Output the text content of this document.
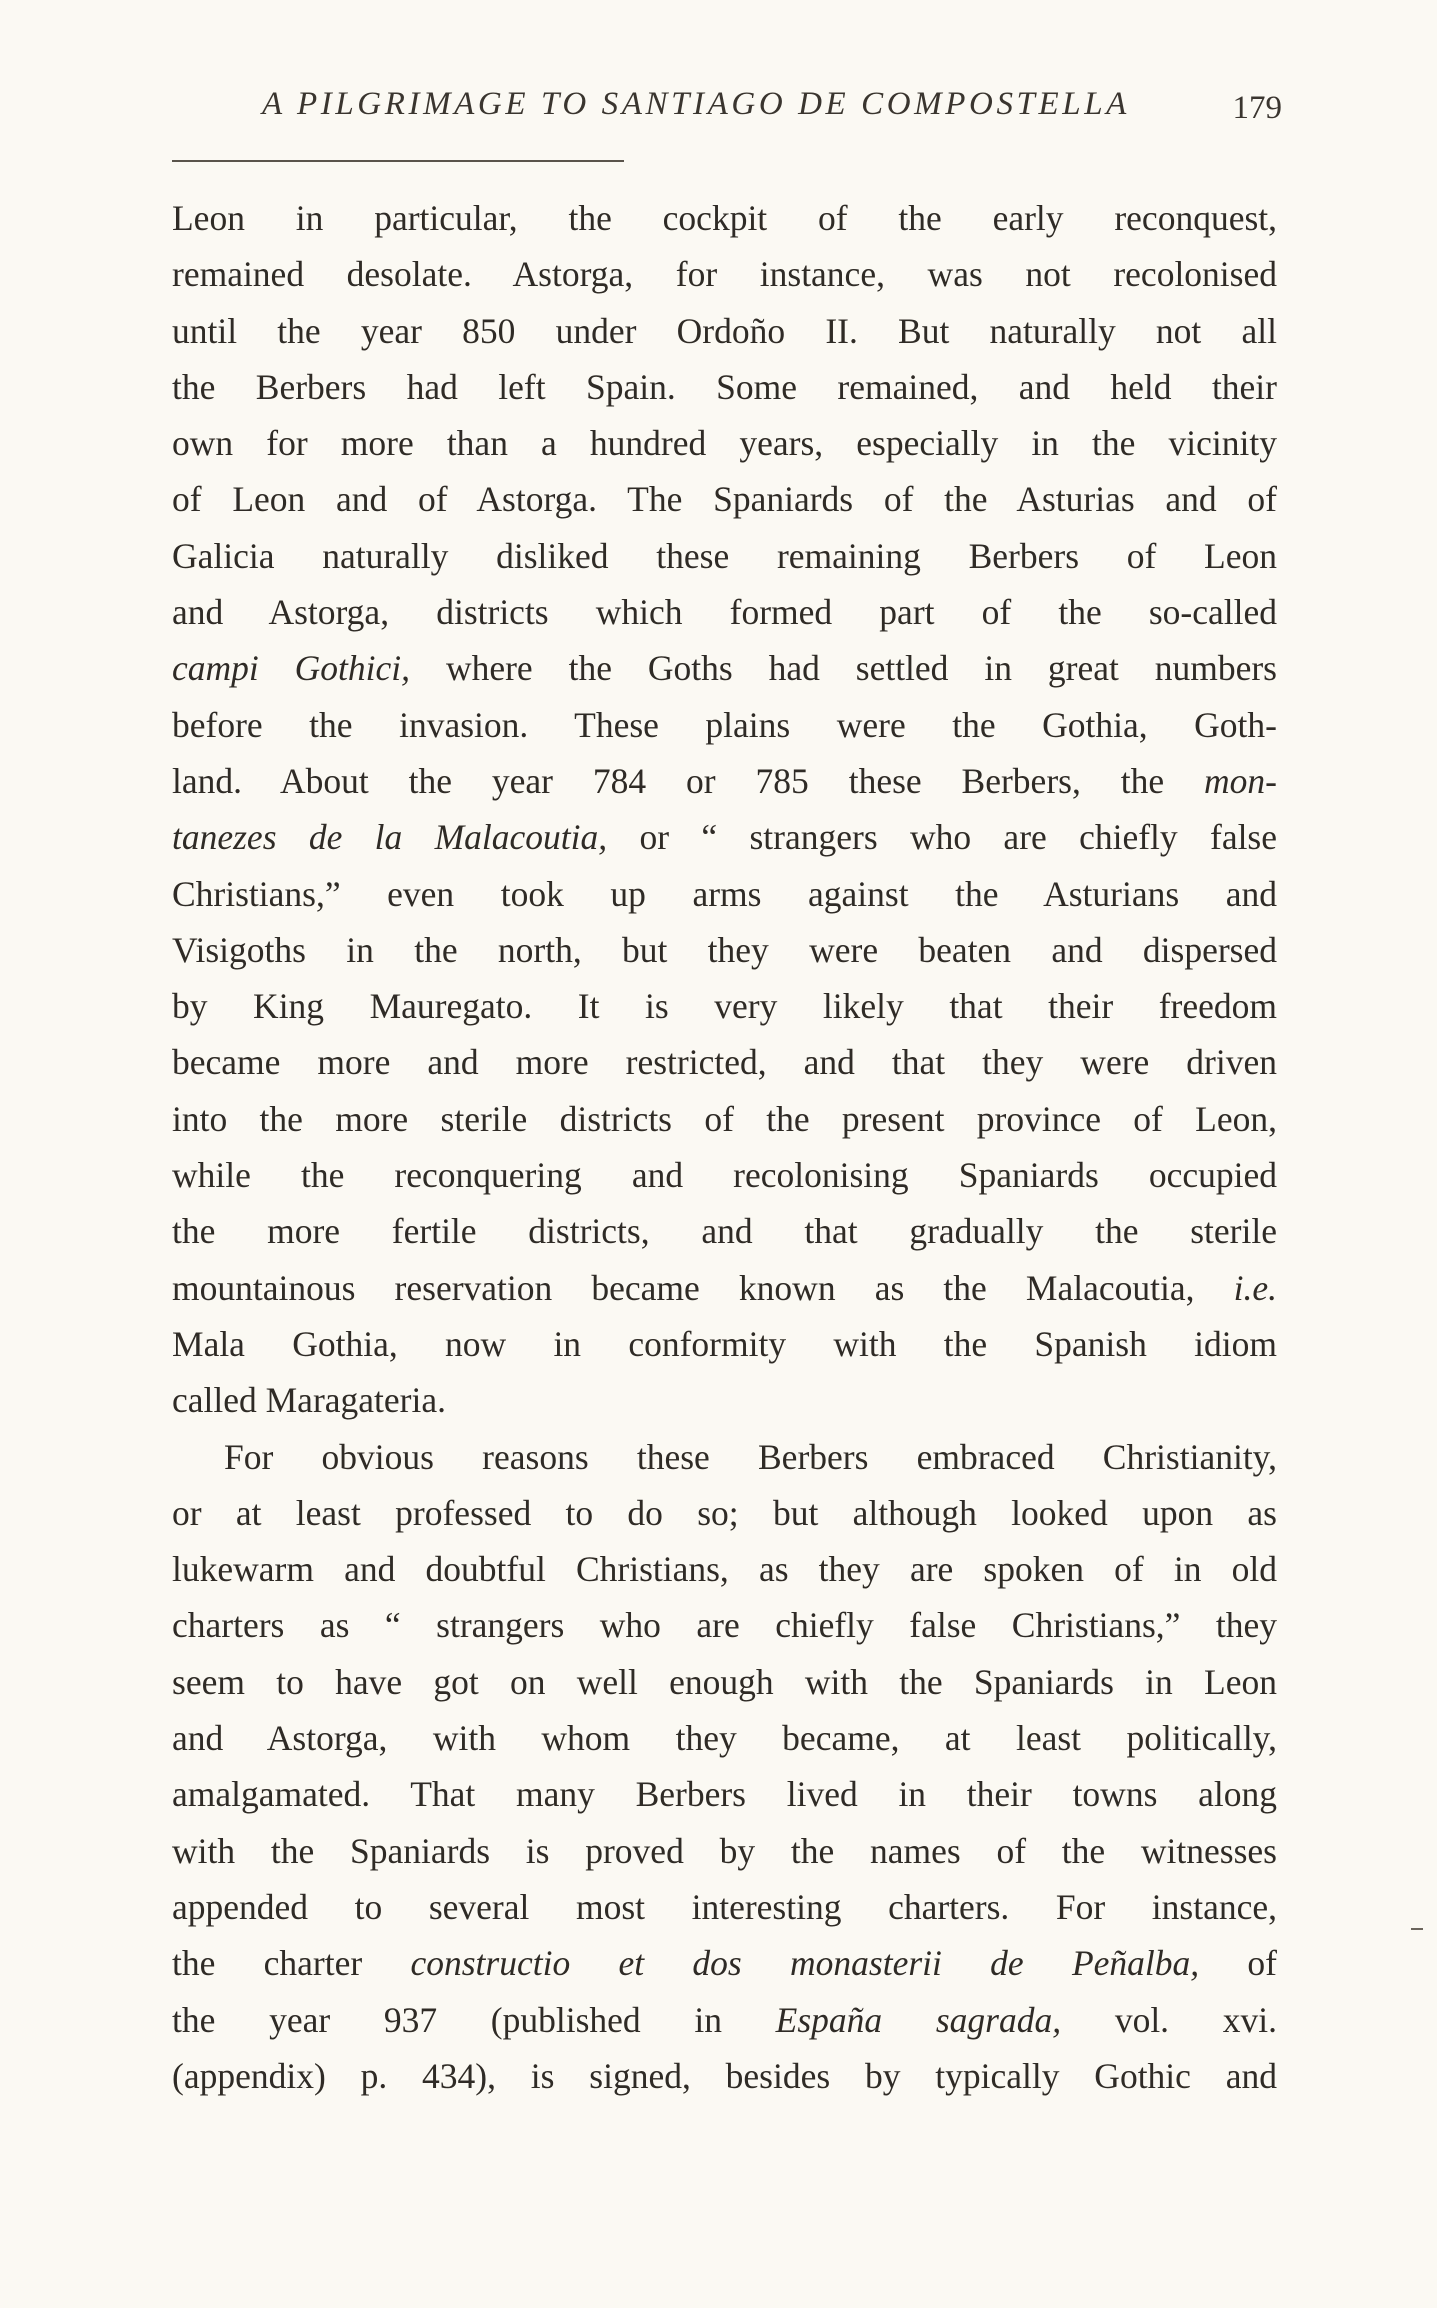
A PILGRIMAGE TO SANTIAGO DE COMPOSTELLA	179
Leon in particular, the cockpit of the early reconquest,
remained desolate. Astorga, for instance, was not recolonised
until the year 850 under Ordoño II. But naturally not all
the Berbers had left Spain. Some remained, and held their
own for more than a hundred years, especially in the vicinity
of Leon and of Astorga. The Spaniards of the Asturias and of
Galicia naturally disliked these remaining Berbers of Leon
and Astorga, districts which formed part of the so-called
campi Gothici, where the Goths had settled in great numbers
before the invasion. These plains were the Gothia, Goth-
land. About the year 784 or 785 these Berbers, the mon-
tanezes de la Malacoutia, or “ strangers who are chiefly false
Christians,” even took up arms against the Asturians and
Visigoths in the north, but they were beaten and dispersed
by King Mauregato. It is very likely that their freedom
became more and more restricted, and that they were driven
into the more sterile districts of the present province of Leon,
while the reconquering and recolonising Spaniards occupied
the more fertile districts, and that gradually the sterile
mountainous reservation became known as the Malacoutia, i.e.
Mala Gothia, now in conformity with the Spanish idiom
called Maragateria.
For obvious reasons these Berbers embraced Christianity,
or at least professed to do so; but although looked upon as
lukewarm and doubtful Christians, as they are spoken of in old
charters as “ strangers who are chiefly false Christians,” they
seem to have got on well enough with the Spaniards in Leon
and Astorga, with whom they became, at least politically,
amalgamated. That many Berbers lived in their towns along
with the Spaniards is proved by the names of the witnesses
appended to several most interesting charters. For instance,
the charter constructio et dos monasterii de Peñalba, of
the year 937 (published in España sagrada, vol. xvi.
(appendix) p. 434), is signed, besides by typically Gothic and
